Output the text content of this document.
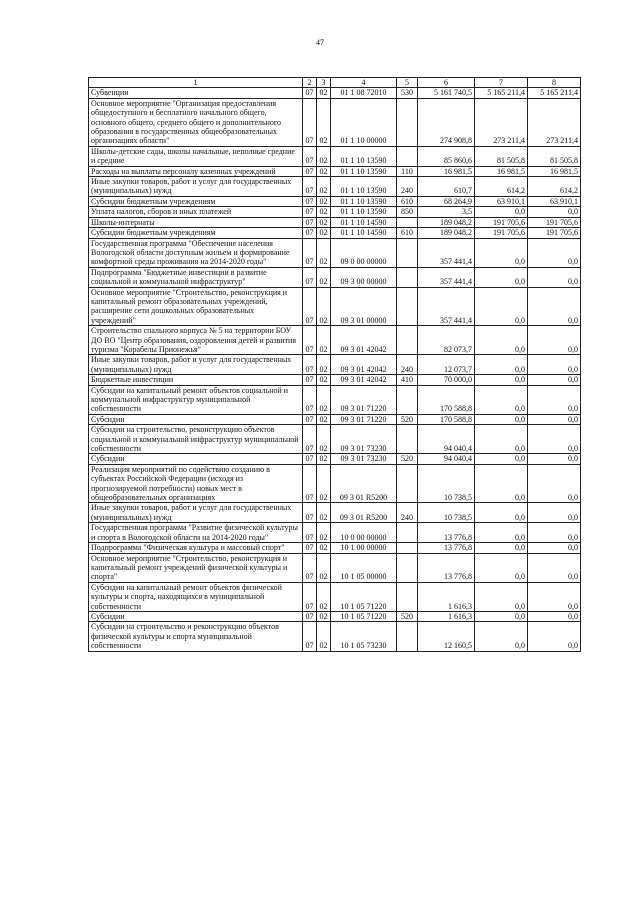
47
1	2	3	4	5	6	7	8
Субвенции	07	02	01 1 08 72010	530	5 161 740,5	5 165 211,4	5 165 211,4
Основное мероприятие "Организация предоставления общедоступного и бесплатного начального общего, основного общего, среднего общего и дополнительного образования в государственных общеобразовательных организациях области"	07	02	01 1 10 00000		274 908,8	273 211,4	273 211,4
Школы-детские сады, школы начальные, неполные средние и средние	07	02	01 1 10 13590		85 860,6	81 505,8	81 505,8
Расходы на выплаты персоналу казенных учреждений	07	02	01 1 10 13590	110	16 981,5	16 981,5	16 981,5
Иные закупки товаров, работ и услуг для государственных (муниципальных) нужд	07	02	01 1 10 13590	240	610,7	614,2	614,2
Субсидии бюджетным учреждениям	07	02	01 1 10 13590	610	68 264,9	63 910,1	63 910,1
Уплата налогов, сборов и иных платежей	07	02	01 1 10 13590	850	3,5	0,0	0,0
Школы-интернаты	07	02	01 1 10 14590		189 048,2	191 705,6	191 705,6
Субсидии бюджетным учреждениям	07	02	01 1 10 14590	610	189 048,2	191 705,6	191 705,6
Государственная программа "Обеспечение населения Вологодской области доступным жильем и формирование комфортной среды проживания на 2014-2020 годы"	07	02	09 0 00 00000		357 441,4	0,0	0,0
Подпрограмма "Бюджетные инвестиции в развитие социальной и коммунальной инфраструктур"	07	02	09 3 00 00000		357 441,4	0,0	0,0
Основное мероприятие "Строительство, реконструкция и капитальный ремонт образовательных учреждений, расширение сети дошкольных образовательных учреждений"	07	02	09 3 01 00000		357 441,4	0,0	0,0
Строительство спального корпуса № 5 на территории БОУ ДО ВО "Центр образования, оздоровления детей и развития туризма "Корабелы Прионежья"	07	02	09 3 01 42042		82 073,7	0,0	0,0
Иные закупки товаров, работ и услуг для государственных (муниципальных) нужд	07	02	09 3 01 42042	240	12 073,7	0,0	0,0
Бюджетные инвестиции	07	02	09 3 01 42042	410	70 000,0	0,0	0,0
Субсидии на капитальный ремонт объектов социальной и коммунальной инфраструктур муниципальной собственности	07	02	09 3 01 71220		170 588,8	0,0	0,0
Субсидии	07	02	09 3 01 71220	520	170 588,8	0,0	0,0
Субсидии на строительство, реконструкцию объектов социальной и коммунальной инфраструктур муниципальной собственности	07	02	09 3 01 73230		94 040,4	0,0	0,0
Субсидии	07	02	09 3 01 73230	520	94 040,4	0,0	0,0
Реализация мероприятий по содействию созданию в субъектах Российской Федерации (исходя из прогнозируемой потребности) новых мест в общеобразовательных организациях	07	02	09 3 01 R5200		10 738,5	0,0	0,0
Иные закупки товаров, работ и услуг для государственных (муниципальных) нужд	07	02	09 3 01 R5200	240	10 738,5	0,0	0,0
Государственная программа "Развитие физической культуры и спорта в Вологодской области на 2014-2020 годы"	07	02	10 0 00 00000		13 776,8	0,0	0,0
Подпрограмма "Физическая культура и массовый спорт"	07	02	10 1 00 00000		13 776,8	0,0	0,0
Основное мероприятие "Строительство, реконструкция и капитальный ремонт учреждений физической культуры и спорта"	07	02	10 1 05 00000		13 776,8	0,0	0,0
Субсидии на капитальный ремонт объектов физической культуры и спорта, находящихся в муниципальной собственности	07	02	10 1 05 71220		1 616,3	0,0	0,0
Субсидии	07	02	10 1 05 71220	520	1 616,3	0,0	0,0
Субсидии на строительство и реконструкцию объектов физической культуры и спорта муниципальной собственности	07	02	10 1 05 73230		12 160,5	0,0	0,0
